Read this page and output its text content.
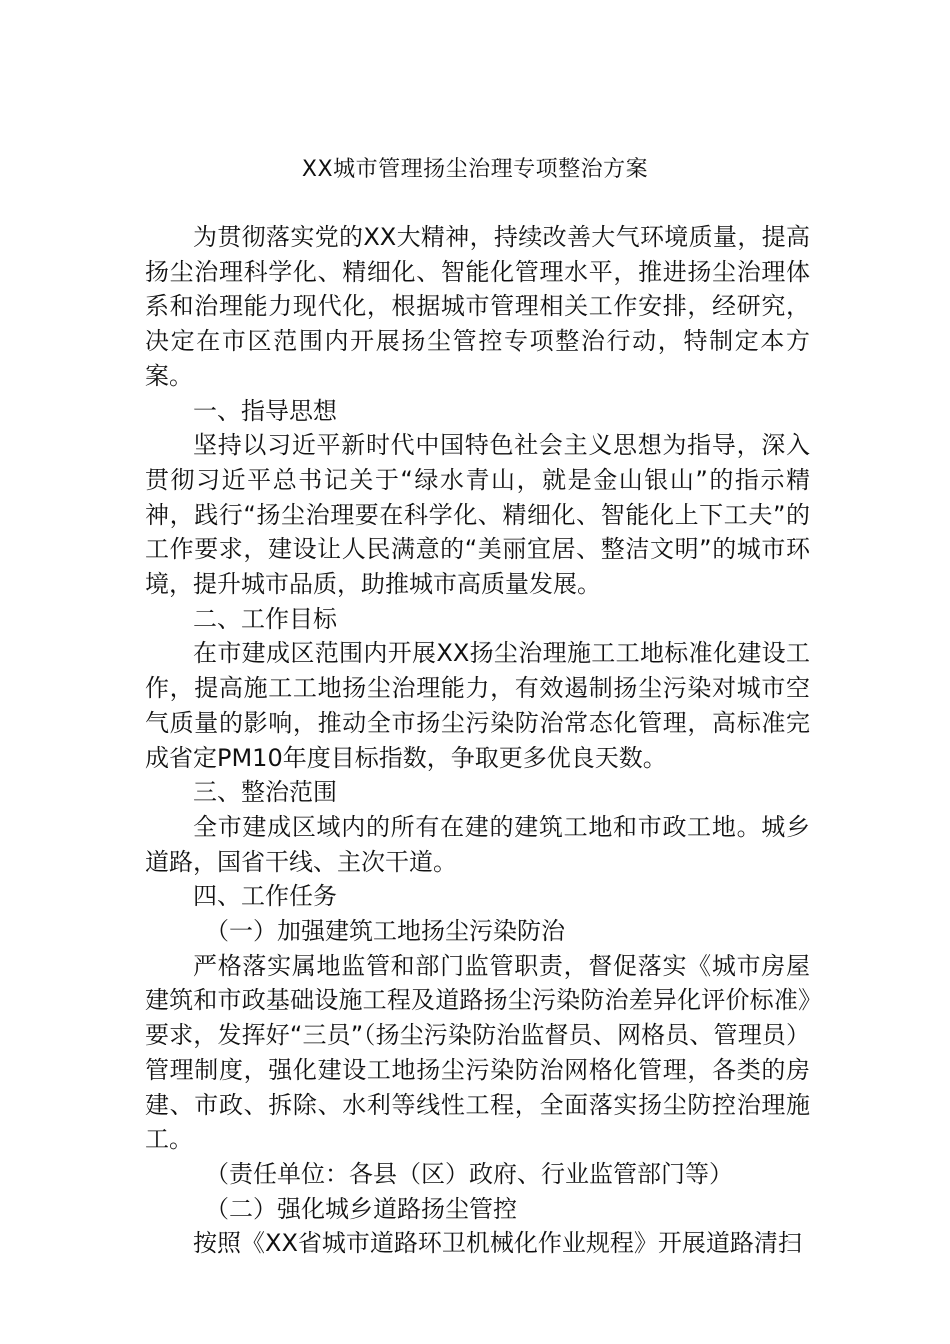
XX城市管理扬尘治理专项整治方案

为贯彻落实党的XX大精神，持续改善大气环境质量，提高扬尘治理科学化、精细化、智能化管理水平，推进扬尘治理体系和治理能力现代化，根据城市管理相关工作安排，经研究，决定在市区范围内开展扬尘管控专项整治行动，特制定本方案。

一、指导思想

坚持以习近平新时代中国特色社会主义思想为指导，深入贯彻习近平总书记关于“绿水青山，就是金山银山”的指示精神，践行“扬尘治理要在科学化、精细化、智能化上下工夫”的工作要求，建设让人民满意的“美丽宜居、整洁文明”的城市环境，提升城市品质，助推城市高质量发展。

二、工作目标

在市建成区范围内开展XX扬尘治理施工工地标准化建设工作，提高施工工地扬尘治理能力，有效遏制扬尘污染对城市空气质量的影响，推动全市扬尘污染防治常态化管理，高标准完成省定PM10年度目标指数，争取更多优良天数。

三、整治范围

全市建成区域内的所有在建的建筑工地和市政工地。城乡道路，国省干线、主次干道。

四、工作任务

（一）加强建筑工地扬尘污染防治

严格落实属地监管和部门监管职责，督促落实《城市房屋建筑和市政基础设施工程及道路扬尘污染防治差异化评价标准》要求，发挥好“三员”（扬尘污染防治监督员、网格员、管理员）管理制度，强化建设工地扬尘污染防治网格化管理，各类的房建、市政、拆除、水利等线性工程，全面落实扬尘防控治理施工。

（责任单位：各县（区）政府、行业监管部门等）

（二）强化城乡道路扬尘管控

按照《XX省城市道路环卫机械化作业规程》开展道路清扫
